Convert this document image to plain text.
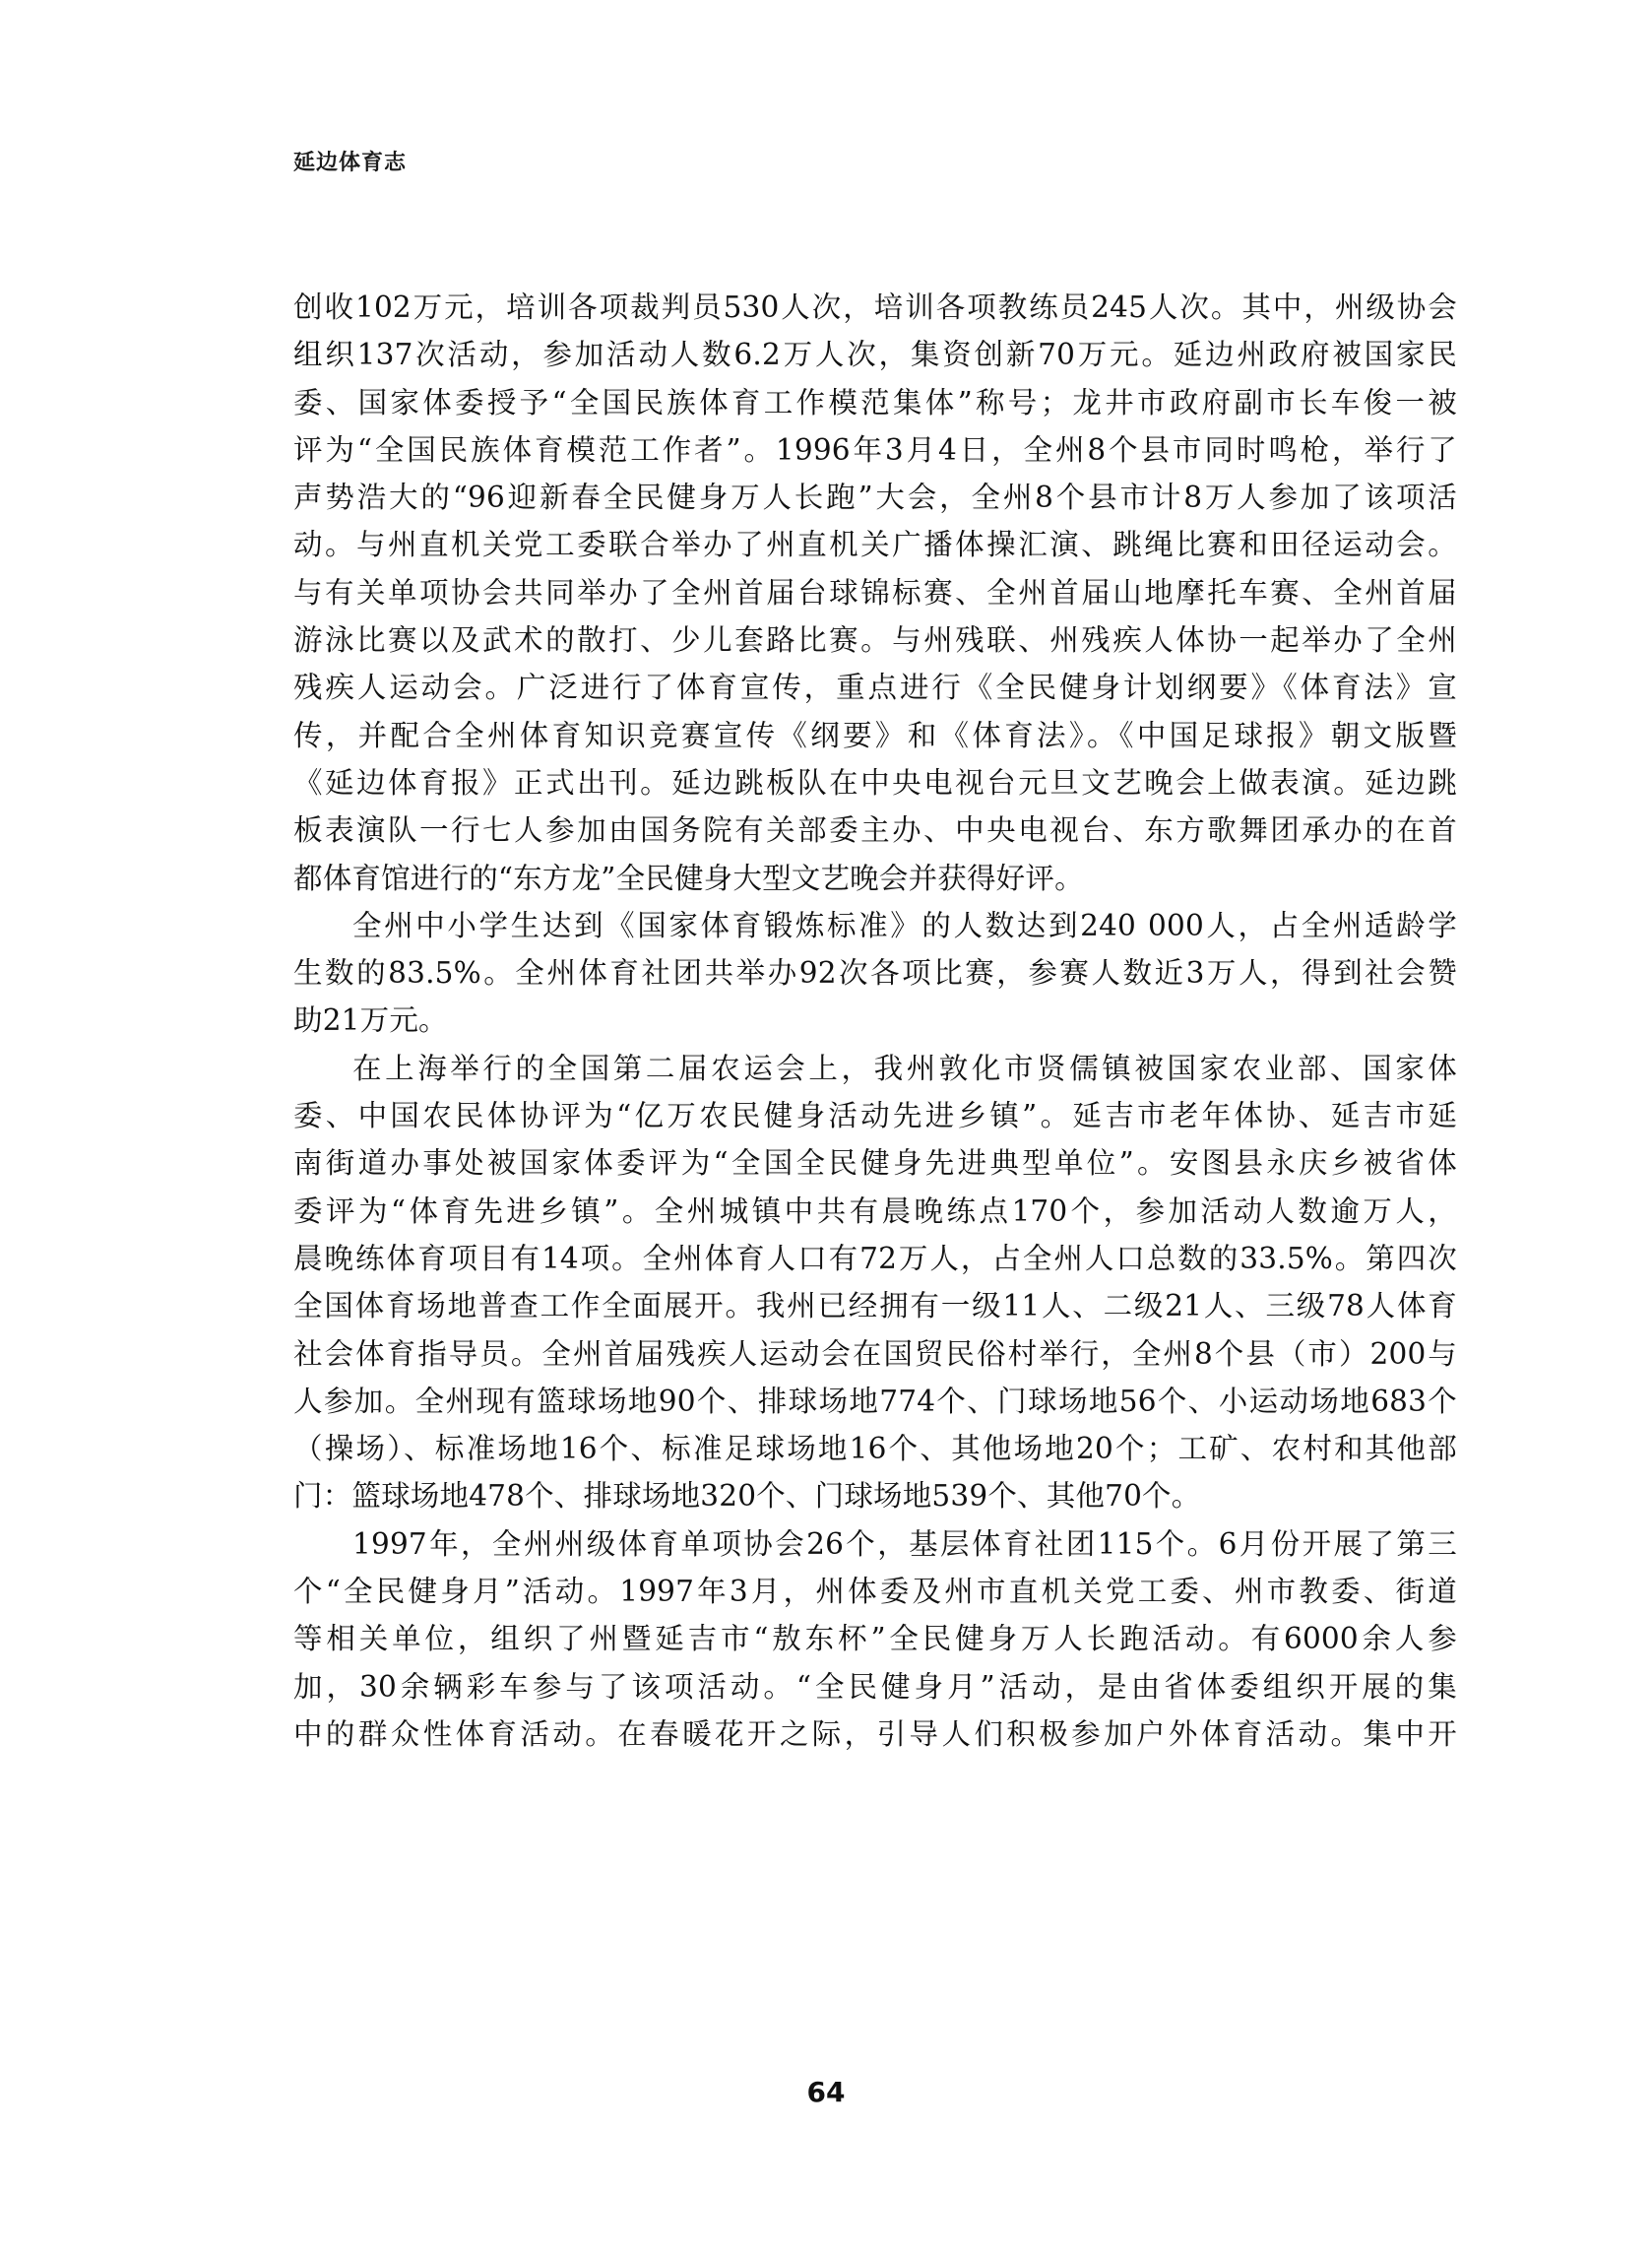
延边体育志
创收102万元，培训各项裁判员530人次，培训各项教练员245人次。其中，州级协会
组织137次活动，参加活动人数6.2万人次，集资创新70万元。延边州政府被国家民
委、国家体委授予“全国民族体育工作模范集体”称号；龙井市政府副市长车俊一被
评为“全国民族体育模范工作者”。1996年3月4日，全州8个县市同时鸣枪，举行了
声势浩大的“96迎新春全民健身万人长跑”大会，全州8个县市计8万人参加了该项活
动。与州直机关党工委联合举办了州直机关广播体操汇演、跳绳比赛和田径运动会。
与有关单项协会共同举办了全州首届台球锦标赛、全州首届山地摩托车赛、全州首届
游泳比赛以及武术的散打、少儿套路比赛。与州残联、州残疾人体协一起举办了全州
残疾人运动会。广泛进行了体育宣传，重点进行《全民健身计划纲要》《体育法》宣
传，并配合全州体育知识竞赛宣传《纲要》和《体育法》。《中国足球报》朝文版暨
《延边体育报》正式出刊。延边跳板队在中央电视台元旦文艺晚会上做表演。延边跳
板表演队一行七人参加由国务院有关部委主办、中央电视台、东方歌舞团承办的在首
都体育馆进行的“东方龙”全民健身大型文艺晚会并获得好评。
全州中小学生达到《国家体育锻炼标准》的人数达到240 000人，占全州适龄学
生数的83.5%。全州体育社团共举办92次各项比赛，参赛人数近3万人，得到社会赞
助21万元。
在上海举行的全国第二届农运会上，我州敦化市贤儒镇被国家农业部、国家体
委、中国农民体协评为“亿万农民健身活动先进乡镇”。延吉市老年体协、延吉市延
南街道办事处被国家体委评为“全国全民健身先进典型单位”。安图县永庆乡被省体
委评为“体育先进乡镇”。全州城镇中共有晨晚练点170个，参加活动人数逾万人，
晨晚练体育项目有14项。全州体育人口有72万人，占全州人口总数的33.5%。第四次
全国体育场地普查工作全面展开。我州已经拥有一级11人、二级21人、三级78人体育
社会体育指导员。全州首届残疾人运动会在国贸民俗村举行，全州8个县（市）200与
人参加。全州现有篮球场地90个、排球场地774个、门球场地56个、小运动场地683个
（操场）、标准场地16个、标准足球场地16个、其他场地20个；工矿、农村和其他部
门：篮球场地478个、排球场地320个、门球场地539个、其他70个。
1997年，全州州级体育单项协会26个，基层体育社团115个。6月份开展了第三
个“全民健身月”活动。1997年3月，州体委及州市直机关党工委、州市教委、街道
等相关单位，组织了州暨延吉市“敖东杯”全民健身万人长跑活动。有6000余人参
加，30余辆彩车参与了该项活动。“全民健身月”活动，是由省体委组织开展的集
中的群众性体育活动。在春暖花开之际，引导人们积极参加户外体育活动。集中开
64
